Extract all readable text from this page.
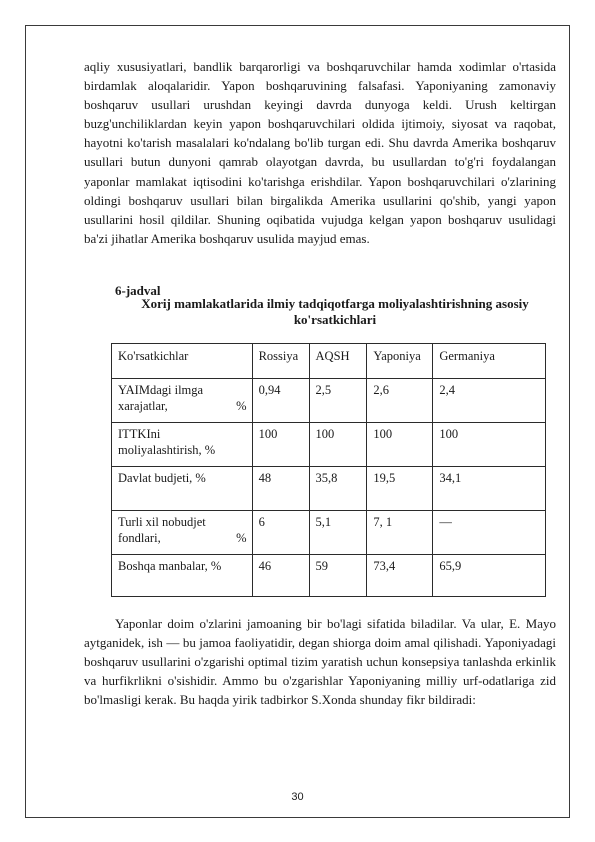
aqliy xususiyatlari, bandlik barqarorligi va boshqaruvchilar hamda xodimlar o'rtasida birdamlak aloqalaridir. Yapon boshqaruvining falsafasi. Yaponiyaning zamonaviy boshqaruv usullari urushdan keyingi davrda dunyoga keldi. Urush keltirgan buzg'unchiliklardan keyin yapon boshqaruvchilari oldida ijtimoiy, siyosat va raqobat, hayotni ko'tarish masalalari ko'ndalang bo'lib turgan edi. Shu davrda Amerika boshqaruv usullari butun dunyoni qamrab olayotgan davrda, bu usullardan to'g'ri foydalangan yaponlar mamlakat iqtisodini ko'tarishga erishdilar. Yapon boshqaruvchilari o'zlarining oldingi boshqaruv usullari bilan birgalikda Amerika usullarini qo'shib, yangi yapon usullarini hosil qildilar. Shuning oqibatida vujudga kelgan yapon boshqaruv usulidagi ba'zi jihatlar Amerika boshqaruv usulida mayjud emas.

6-jadval

Xorij mamlakatlarida ilmiy tadqiqotfarga moliyalashtirishning asosiy ko'rsatkichlari

Ko'rsatkichlar	Rossiya	AQSH	Yaponiya	Germaniya
YAIMdagi ilmga xarajatlar, %	0,94	2,5	2,6	2,4
ITTKIni moliyalashtirish, %	100	100	100	100
Davlat budjeti, %	48	35,8	19,5	34,1
Turli xil nobudjet fondlari, %	6	5,1	7, 1	—
Boshqa manbalar, %	46	59	73,4	65,9

Yaponlar doim o'zlarini jamoaning bir bo'lagi sifatida biladilar. Va ular, E. Mayo aytganidek, ish — bu jamoa faoliyatidir, degan shiorga doim amal qilishadi. Yaponiyadagi boshqaruv usullarini o'zgarishi optimal tizim yaratish uchun konsepsiya tanlashda erkinlik va hurfikrlikni o'sishidir. Ammo bu o'zgarishlar Yaponiyaning milliy urf-odatlariga zid bo'lmasligi kerak. Bu haqda yirik tadbirkor S.Xonda shunday fikr bildiradi:

30
